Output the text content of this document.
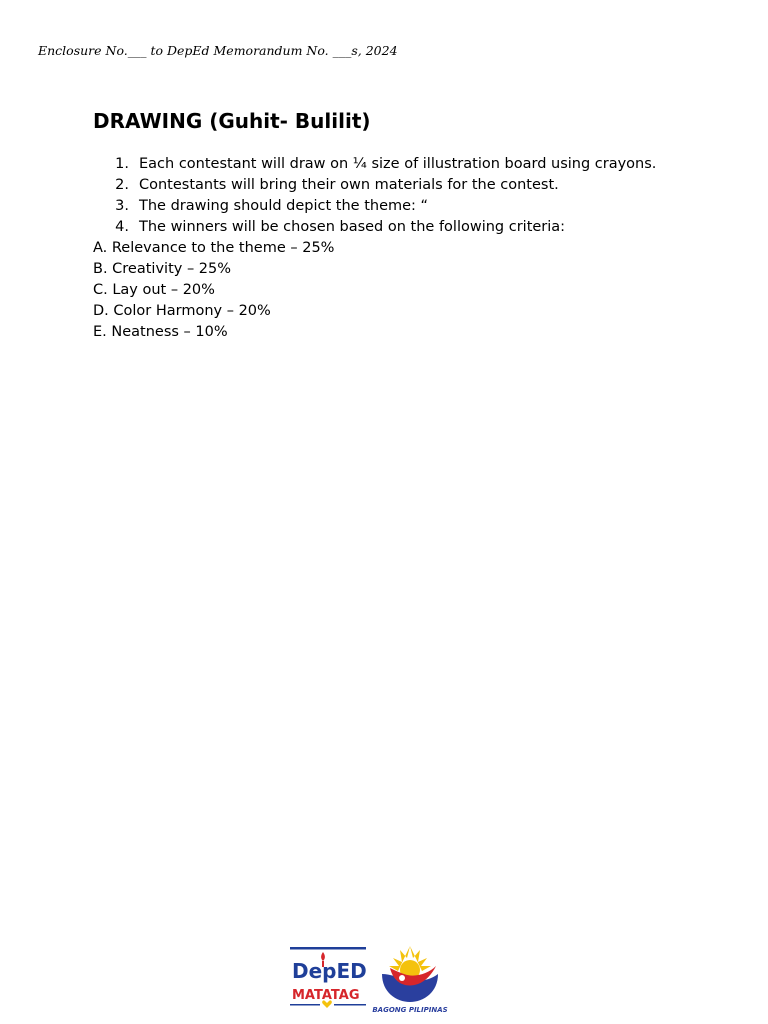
Enclosure No.___ to DepEd Memorandum No. ___s, 2024
DRAWING (Guhit- Bulilit)
1. Each contestant will draw on ¼ size of illustration board using crayons.
2. Contestants will bring their own materials for the contest.
3. The drawing should depict the theme: “
4. The winners will be chosen based on the following criteria:
A. Relevance to the theme – 25%
B. Creativity – 25%
C. Lay out – 20%
D. Color Harmony – 20%
E. Neatness – 10%
DepED
MATATAG
BAGONG PILIPINAS
